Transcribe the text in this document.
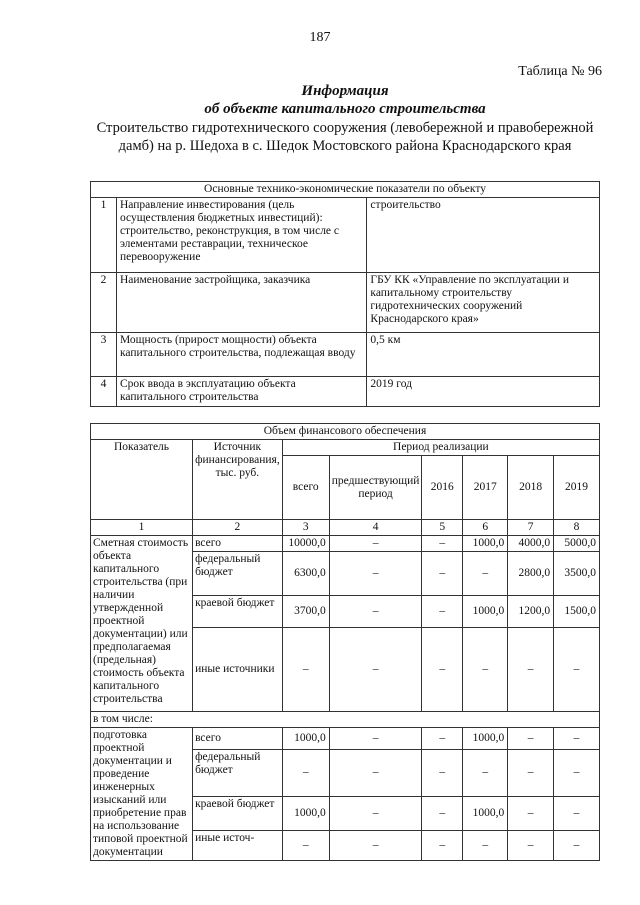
187
Таблица № 96
Информация
об объекте капитального строительства
Строительство гидротехнического сооружения (левобережной и правобережной дамб) на р. Шедоха в с. Шедок Мостовского района Краснодарского края
Основные технико-экономические показатели по объекту		
1	Направление инвестирования (цель осуществления бюджетных инвестиций): строительство, реконструкция, в том числе с элементами реставрации, техническое перевооружение	строительство
2	Наименование застройщика, заказчика	ГБУ КК «Управление по эксплуатации и капитальному строительству гидротехнических сооружений Краснодарского края»
3	Мощность (прирост мощности) объекта капитального строительства, подлежащая вводу	0,5 км
4	Срок ввода в эксплуатацию объекта капитального строительства	2019 год
Объем финансового обеспечения							
Показатель	Источник финансирования, тыс. руб.	Период реализации					
		всего	предшествующий период	2016	2017	2018	2019
1	2	3	4	5	6	7	8
Сметная стоимость объекта капитального строительства (при наличии утвержденной проектной документации) или предполагаемая (предельная) стоимость объекта капитального строительства	всего	10000,0	–	–	1000,0	4000,0	5000,0
	федеральный бюджет	6300,0	–	–	–	2800,0	3500,0
	краевой бюджет	3700,0	–	–	1000,0	1200,0	1500,0
	иные источники	–	–	–	–	–	–
в том числе:							
подготовка проектной документации и проведение инженерных изысканий или приобретение прав на использование типовой проектной документации	всего	1000,0	–	–	1000,0	–	–
	федеральный бюджет	–	–	–	–	–	–
	краевой бюджет	1000,0	–	–	1000,0	–	–
	иные источ-	–	–	–	–	–	–
